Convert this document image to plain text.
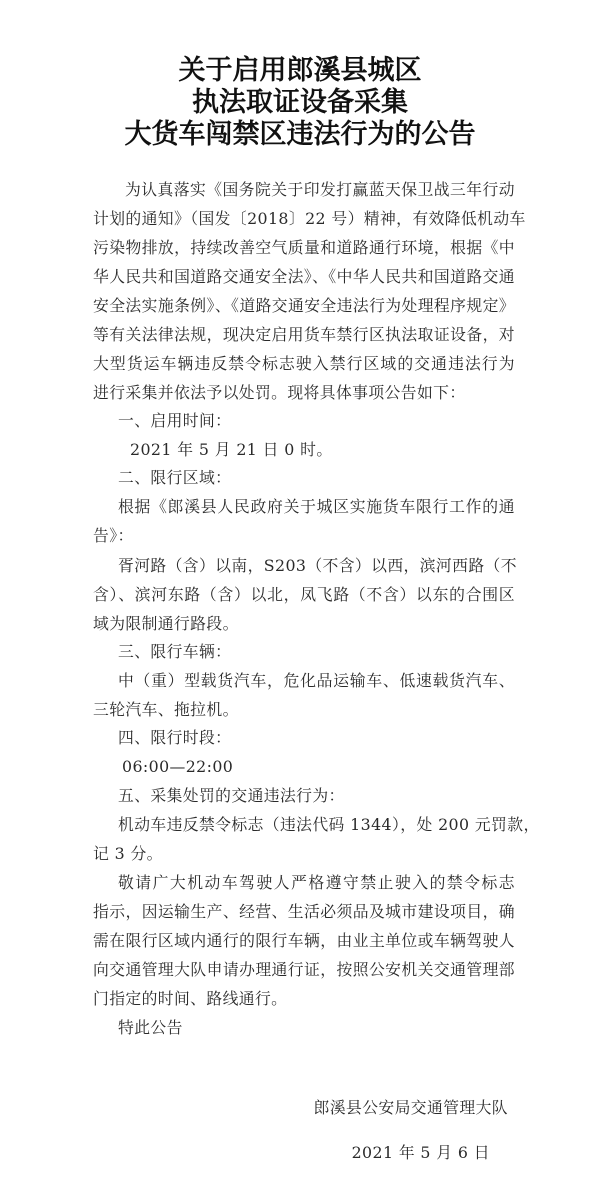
关于启用郎溪县城区
执法取证设备采集
大货车闯禁区违法行为的公告
为认真落实《国务院关于印发打赢蓝天保卫战三年行动
计划的通知》（国发〔2018〕22 号）精神，有效降低机动车
污染物排放，持续改善空气质量和道路通行环境，根据《中
华人民共和国道路交通安全法》、《中华人民共和国道路交通
安全法实施条例》、《道路交通安全违法行为处理程序规定》
等有关法律法规，现决定启用货车禁行区执法取证设备，对
大型货运车辆违反禁令标志驶入禁行区域的交通违法行为
进行采集并依法予以处罚。现将具体事项公告如下：
一、启用时间：
2021 年 5 月 21 日 0 时。
二、限行区域：
根据《郎溪县人民政府关于城区实施货车限行工作的通
告》：
胥河路（含）以南，S203（不含）以西，滨河西路（不
含）、滨河东路（含）以北，凤飞路（不含）以东的合围区
域为限制通行路段。
三、限行车辆：
中（重）型载货汽车，危化品运输车、低速载货汽车、
三轮汽车、拖拉机。
四、限行时段：
06:00—22:00
五、采集处罚的交通违法行为：
机动车违反禁令标志（违法代码 1344），处 200 元罚款，
记 3 分。
敬请广大机动车驾驶人严格遵守禁止驶入的禁令标志
指示，因运输生产、经营、生活必须品及城市建设项目，确
需在限行区域内通行的限行车辆，由业主单位或车辆驾驶人
向交通管理大队申请办理通行证，按照公安机关交通管理部
门指定的时间、路线通行。
特此公告
郎溪县公安局交通管理大队
2021 年 5 月 6 日
